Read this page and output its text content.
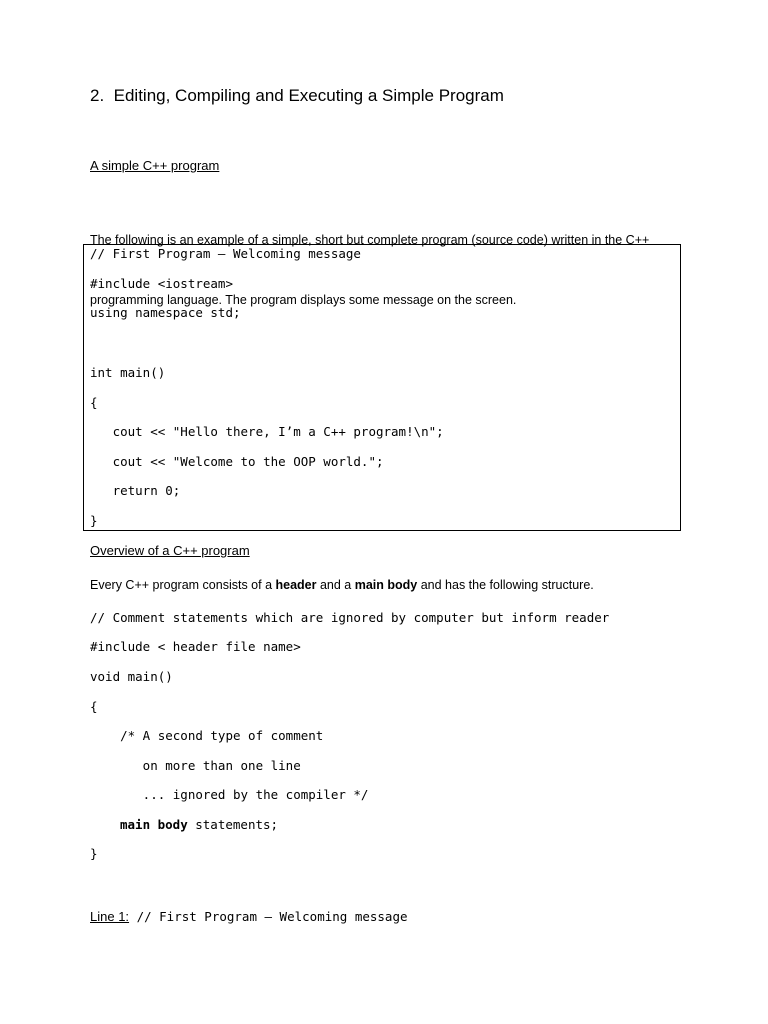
2.  Editing, Compiling and Executing a Simple Program
A simple C++ program

The following is an example of a simple, short but complete program (source code) written in the C++

programming language. The program displays some message on the screen.

// First Program – Welcoming message
#include <iostream>
using namespace std;
int main()
{
cout << "Hello there, I’m a C++ program!\n";
cout << "Welcome to the OOP world.";
return 0;
}
Overview of a C++ program
Every C++ program consists of a header and a main body and has the following structure.
// Comment statements which are ignored by computer but inform reader
#include < header file name>
void main()
{
/* A second type of comment
on more than one line
... ignored by the compiler */
main body statements;
}
Line 1: // First Program – Welcoming message
